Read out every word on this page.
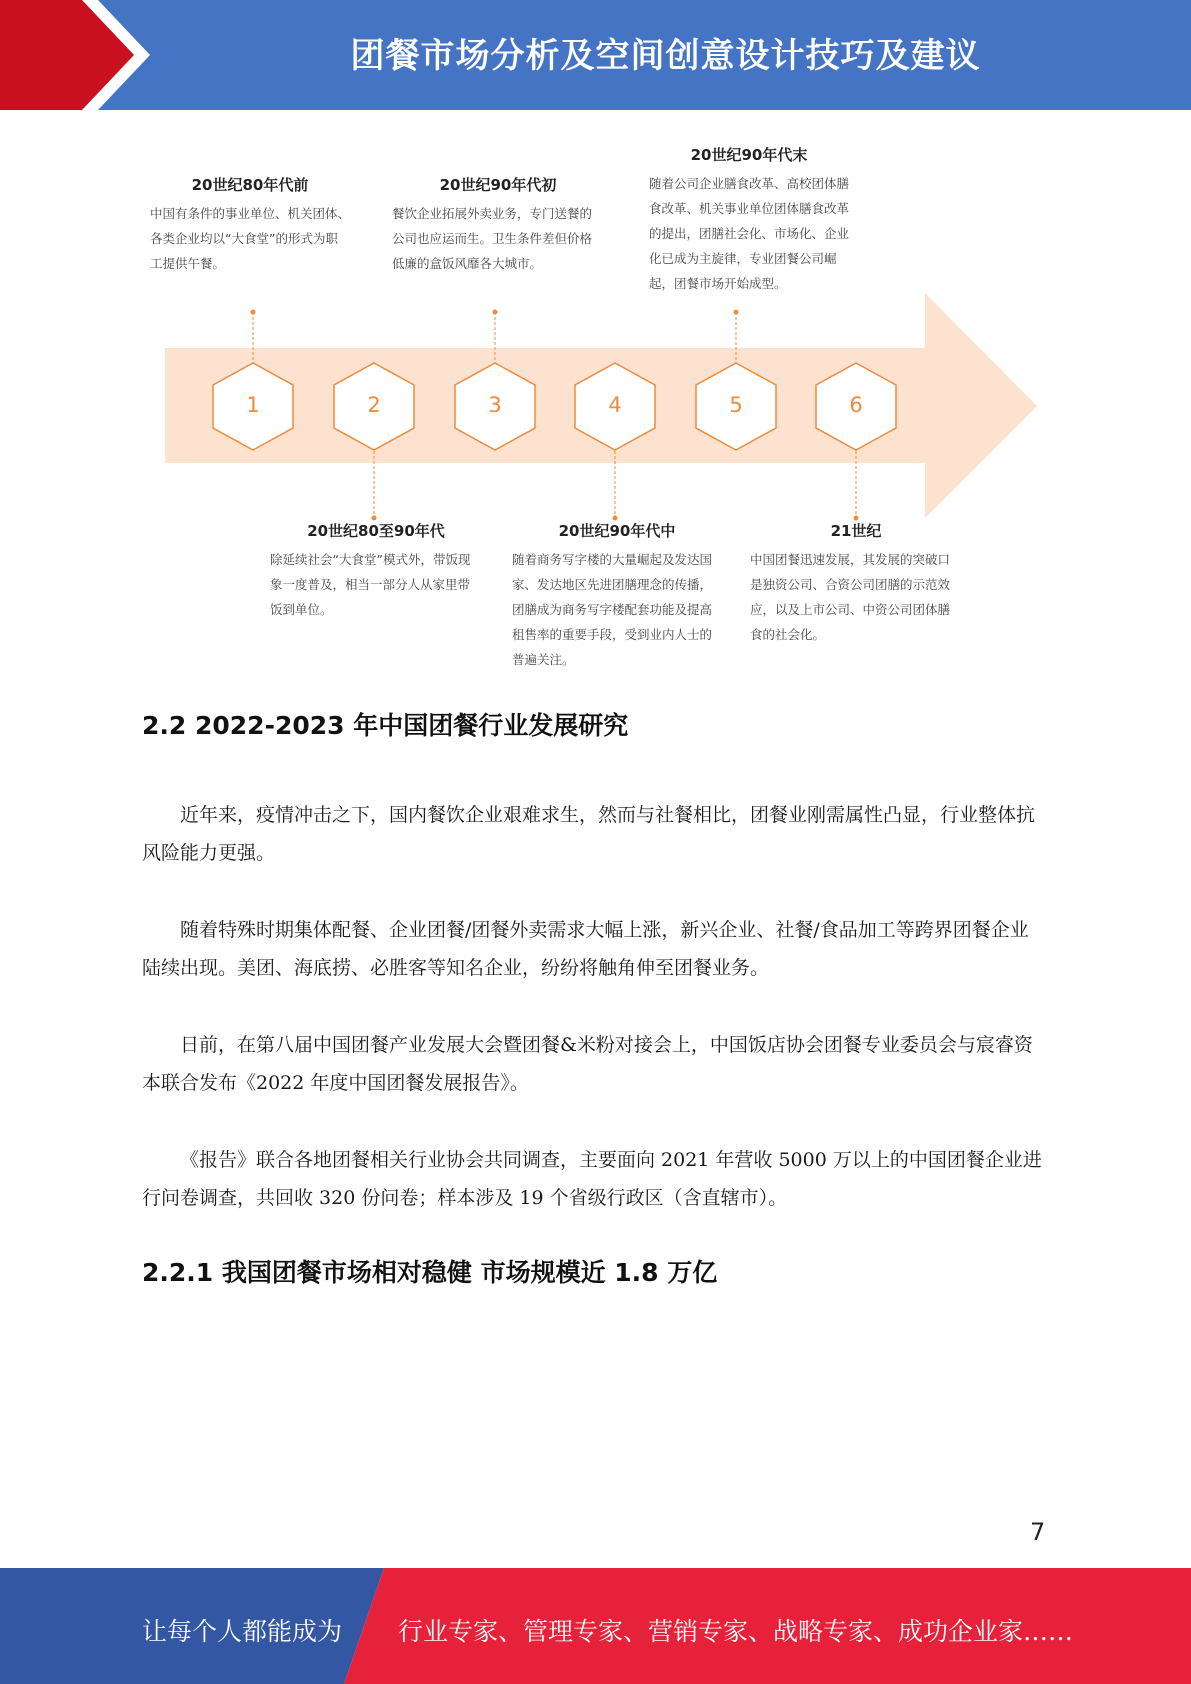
团餐市场分析及空间创意设计技巧及建议
1	2	3	4	5	6
20世纪80年代前
中国有条件的事业单位、机关团体、各类企业均以“大食堂”的形式为职工提供午餐。
20世纪90年代初
餐饮企业拓展外卖业务，专门送餐的公司也应运而生。卫生条件差但价格低廉的盒饭风靡各大城市。
20世纪90年代末
随着公司企业膳食改革、高校团体膳食改革、机关事业单位团体膳食改革的提出，团膳社会化、市场化、企业化已成为主旋律，专业团餐公司崛起，团餐市场开始成型。
20世纪80至90年代
除延续社会“大食堂”模式外，带饭现象一度普及，相当一部分人从家里带饭到单位。
20世纪90年代中
随着商务写字楼的大量崛起及发达国家、发达地区先进团膳理念的传播，团膳成为商务写字楼配套功能及提高租售率的重要手段，受到业内人士的普遍关注。
21世纪
中国团餐迅速发展，其发展的突破口是独资公司、合资公司团膳的示范效应，以及上市公司、中资公司团体膳食的社会化。
2.2 2022-2023 年中国团餐行业发展研究
近年来，疫情冲击之下，国内餐饮企业艰难求生，然而与社餐相比，团餐业刚需属性凸显，行业整体抗风险能力更强。
随着特殊时期集体配餐、企业团餐/团餐外卖需求大幅上涨，新兴企业、社餐/食品加工等跨界团餐企业陆续出现。美团、海底捞、必胜客等知名企业，纷纷将触角伸至团餐业务。
日前，在第八届中国团餐产业发展大会暨团餐&米粉对接会上，中国饭店协会团餐专业委员会与宸睿资本联合发布《2022 年度中国团餐发展报告》。
《报告》联合各地团餐相关行业协会共同调查，主要面向 2021 年营收 5000 万以上的中国团餐企业进行问卷调查，共回收 320 份问卷；样本涉及 19 个省级行政区（含直辖市）。
2.2.1 我国团餐市场相对稳健 市场规模近 1.8 万亿
7
让每个人都能成为 行业专家、管理专家、营销专家、战略专家、成功企业家……
